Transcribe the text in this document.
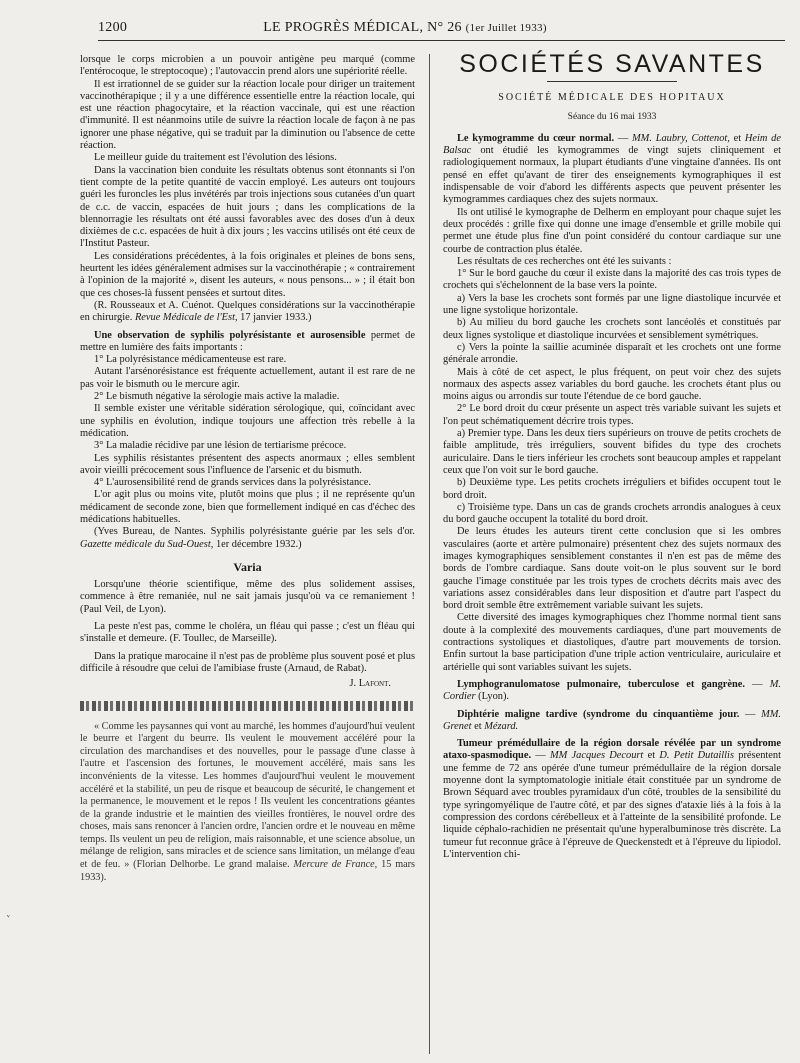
1200	LE PROGRÈS MÉDICAL, N° 26 (1er Juillet 1933)
ᵛ

lorsque le corps microbien a un pouvoir antigène peu marqué (comme l'entérocoque, le streptocoque) ; l'autovaccin prend alors une supériorité réelle.

Il est irrationnel de se guider sur la réaction locale pour diriger un traitement vaccinothérapique ; il y a une différence essentielle entre la réaction locale, qui est une réaction phagocytaire, et la réaction vaccinale, qui est une réaction d'immunité. Il est néanmoins utile de suivre la réaction locale de façon à ne pas ignorer une phase négative, qui se traduit par la diminution ou l'absence de cette réaction.

Le meilleur guide du traitement est l'évolution des lésions.

Dans la vaccination bien conduite les résultats obtenus sont étonnants si l'on tient compte de la petite quantité de vaccin employé. Les auteurs ont toujours guéri les furoncles les plus invétérés par trois injections sous cutanées d'un quart de c.c. de vaccin, espacées de huit jours ; dans les complications de la blennorragie les résultats ont été aussi favorables avec des doses d'un à deux dixièmes de c.c. espacées de huit à dix jours ; les vaccins utilisés ont été ceux de l'Institut Pasteur.

Les considérations précédentes, à la fois originales et pleines de bons sens, heurtent les idées généralement admises sur la vaccinothérapie ; « contrairement à l'opinion de la majorité », disent les auteurs, « nous pensons... » ; il était bon que ces choses-là fussent pensées et surtout dites.

(R. Rousseaux et A. Cuénot. Quelques considérations sur la vaccinothérapie en chirurgie. Revue Médicale de l'Est, 17 janvier 1933.)

Une observation de syphilis polyrésistante et aurosensible permet de mettre en lumière des faits importants :

1° La polyrésistance médicamenteuse est rare.

Autant l'arsénorésistance est fréquente actuellement, autant il est rare de ne pas voir le bismuth ou le mercure agir.

2° Le bismuth négative la sérologie mais active la maladie.

Il semble exister une véritable sidération sérologique, qui, coïncidant avec une syphilis en évolution, indique toujours une affection très rebelle à la médication.

3° La maladie récidive par une lésion de tertiarisme précoce.

Les syphilis résistantes présentent des aspects anormaux ; elles semblent avoir vieilli précocement sous l'influence de l'arsenic et du bismuth.

4° L'aurosensibilité rend de grands services dans la polyrésistance.

L'or agit plus ou moins vite, plutôt moins que plus ; il ne représente qu'un médicament de seconde zone, bien que formellement indiqué en cas d'échec des médications habituelles.

(Yves Bureau, de Nantes. Syphilis polyrésistante guérie par les sels d'or. Gazette médicale du Sud-Ouest, 1er décembre 1932.)

Varia

Lorsqu'une théorie scientifique, même des plus solidement assises, commence à être remaniée, nul ne sait jamais jusqu'où va ce remaniement ! (Paul Veil, de Lyon).

La peste n'est pas, comme le choléra, un fléau qui passe ; c'est un fléau qui s'installe et demeure. (F. Toullec, de Marseille).

Dans la pratique marocaine il n'est pas de problème plus souvent posé et plus difficile à résoudre que celui de l'amibiase fruste (Arnaud, de Rabat).

J. Lafont.

« Comme les paysannes qui vont au marché, les hommes d'aujourd'hui veulent le beurre et l'argent du beurre. Ils veulent le mouvement accéléré pour la circulation des marchandises et des nouvelles, pour le passage d'une classe à l'autre et l'ascension des fortunes, le mouvement accéléré, mais sans les inconvénients de la vitesse. Les hommes d'aujourd'hui veulent le mouvement accéléré et la stabilité, un peu de risque et beaucoup de sécurité, le changement et la permanence, le mouvement et le repos ! Ils veulent les concentrations géantes de la grande industrie et le maintien des vieilles frontières, le nouvel ordre des choses, mais sans renoncer à l'ancien ordre, l'ancien ordre et le nouveau en même temps. Ils veulent un peu de religion, mais raisonnable, et une science absolue, un mélange de religion, sans miracles et de science sans limitation, un mélange d'eau et de feu. » (Florian Delhorbe. Le grand malaise. Mercure de France, 15 mars 1933).

SOCIÉTÉS SAVANTES
SOCIÉTÉ MÉDICALE DES HOPITAUX
Séance du 16 mai 1933

Le kymogramme du cœur normal. — MM. Laubry, Cottenot, et Heim de Balsac ont étudié les kymogrammes de vingt sujets cliniquement et radiologiquement normaux, la plupart étudiants d'une vingtaine d'années. Ils ont pensé en effet qu'avant de tirer des enseignements kymographiques il est indispensable de voir d'abord les différents aspects que peuvent présenter les kymogrammes cardiaques chez des sujets normaux.

Ils ont utilisé le kymographe de Delherm en employant pour chaque sujet les deux procédés : grille fixe qui donne une image d'ensemble et grille mobile qui permet une étude plus fine d'un point considéré du contour cardiaque sur une courbe de contraction plus étalée.

Les résultats de ces recherches ont été les suivants :

1° Sur le bord gauche du cœur il existe dans la majorité des cas trois types de crochets qui s'échelonnent de la base vers la pointe.

a) Vers la base les crochets sont formés par une ligne diastolique incurvée et une ligne systolique horizontale.

b) Au milieu du bord gauche les crochets sont lancéolés et constitués par deux lignes systolique et diastolique incurvées et sensiblement symétriques.

c) Vers la pointe la saillie acuminée disparaît et les crochets ont une forme générale arrondie.

Mais à côté de cet aspect, le plus fréquent, on peut voir chez des sujets normaux des aspects assez variables du bord gauche. les crochets étant plus ou moins aigus ou arrondis sur toute l'étendue de ce bord gauche.

2° Le bord droit du cœur présente un aspect très variable suivant les sujets et l'on peut schématiquement décrire trois types.

a) Premier type. Dans les deux tiers supérieurs on trouve de petits crochets de faible amplitude, très irréguliers, souvent bifides du type des crochets auriculaire. Dans le tiers inférieur les crochets sont beaucoup amples et rappelant ceux que l'on voit sur le bord gauche.

b) Deuxième type. Les petits crochets irréguliers et bifides occupent tout le bord droit.

c) Troisième type. Dans un cas de grands crochets arrondis analogues à ceux du bord gauche occupent la totalité du bord droit.

De leurs études les auteurs tirent cette conclusion que si les ombres vasculaires (aorte et artère pulmonaire) présentent chez des sujets normaux des images kymographiques sensiblement constantes il n'en est pas de même des bords de l'ombre cardiaque. Sans doute voit-on le plus souvent sur le bord gauche l'image constituée par les trois types de crochets décrits mais avec des variations assez considérables dans leur disposition et d'autre part l'aspect du bord droit semble être extrêmement variable suivant les sujets.

Cette diversité des images kymographiques chez l'homme normal tient sans doute à la complexité des mouvements cardiaques, d'une part mouvements de contractions systoliques et diastoliques, d'autre part mouvements de torsion. Enfin surtout la base participation d'une triple action ventriculaire, auriculaire et artérielle qui sont variables suivant les sujets.

Lymphogranulomatose pulmonaire, tuberculose et gangrène. — M. Cordier (Lyon).

Diphtérie maligne tardive (syndrome du cinquantième jour. — MM. Grenet et Mézard.

Tumeur prémédullaire de la région dorsale révélée par un syndrome ataxo-spasmodique. — MM Jacques Decourt et D. Petit Dutaillis présentent une femme de 72 ans opérée d'une tumeur prémédullaire de la région dorsale moyenne dont la symptomatologie initiale était constituée par un syndrome de Brown Séquard avec troubles pyramidaux d'un côté, troubles de la sensibilité du type syringomyélique de l'autre côté, et par des signes d'ataxie liés à la fois à la compression des cordons cérébelleux et à l'atteinte de la sensibilité profonde. Le liquide céphalo-rachidien ne présentait qu'une hyperalbuminose très discrète. La tumeur fut reconnue grâce à l'épreuve de Queckenstedt et à l'épreuve du lipiodol. L'intervention chi-
